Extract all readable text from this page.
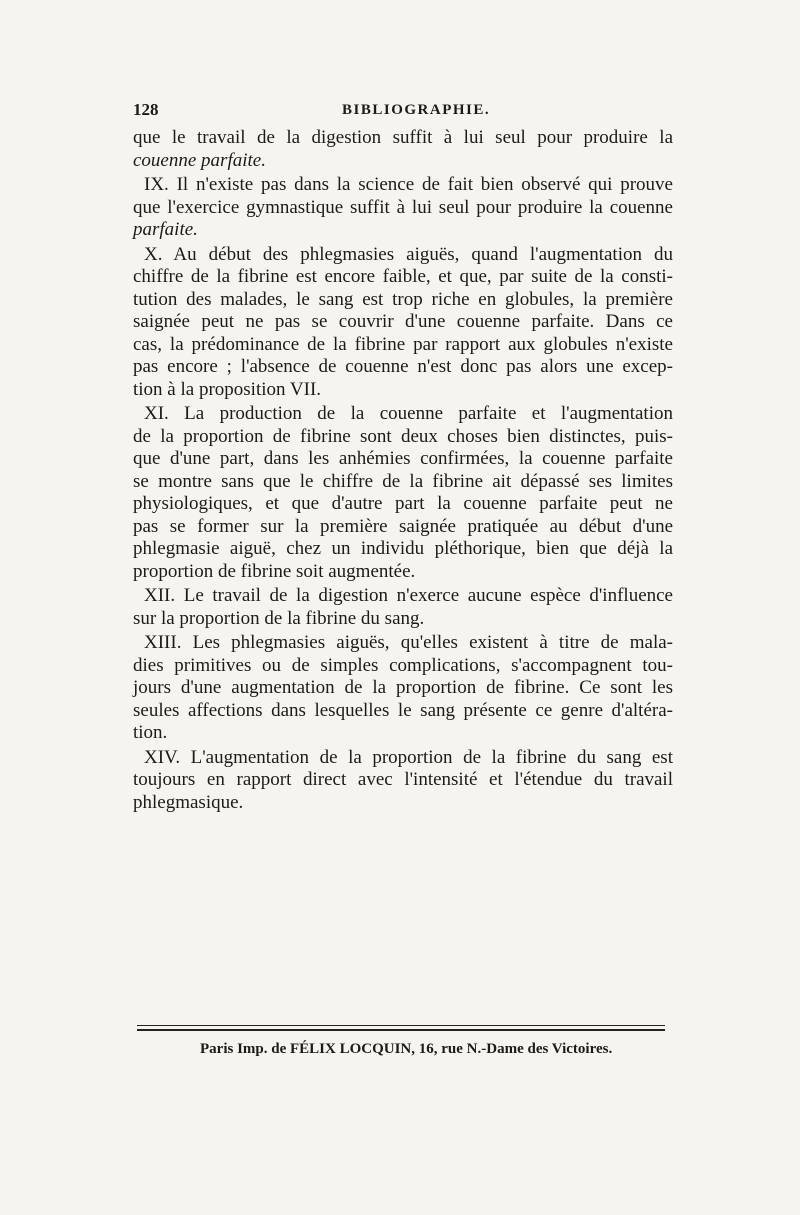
128	BIBLIOGRAPHIE.
que le travail de la digestion suffit à lui seul pour produire la
couenne parfaite.
IX. Il n'existe pas dans la science de fait bien observé qui prouve
que l'exercice gymnastique suffit à lui seul pour produire la couenne
parfaite.
X. Au début des phlegmasies aiguës, quand l'augmentation du
chiffre de la fibrine est encore faible, et que, par suite de la consti-
tution des malades, le sang est trop riche en globules, la première
saignée peut ne pas se couvrir d'une couenne parfaite. Dans ce
cas, la prédominance de la fibrine par rapport aux globules n'existe
pas encore ; l'absence de couenne n'est donc pas alors une excep-
tion à la proposition VII.
XI. La production de la couenne parfaite et l'augmentation
de la proportion de fibrine sont deux choses bien distinctes, puis-
que d'une part, dans les anhémies confirmées, la couenne parfaite
se montre sans que le chiffre de la fibrine ait dépassé ses limites
physiologiques, et que d'autre part la couenne parfaite peut ne
pas se former sur la première saignée pratiquée au début d'une
phlegmasie aiguë, chez un individu pléthorique, bien que déjà la
proportion de fibrine soit augmentée.
XII. Le travail de la digestion n'exerce aucune espèce d'influence
sur la proportion de la fibrine du sang.
XIII. Les phlegmasies aiguës, qu'elles existent à titre de mala-
dies primitives ou de simples complications, s'accompagnent tou-
jours d'une augmentation de la proportion de fibrine. Ce sont les
seules affections dans lesquelles le sang présente ce genre d'altéra-
tion.
XIV. L'augmentation de la proportion de la fibrine du sang est
toujours en rapport direct avec l'intensité et l'étendue du travail
phlegmasique.
Paris Imp. de FÉLIX LOCQUIN, 16, rue N.-Dame des Victoires.
